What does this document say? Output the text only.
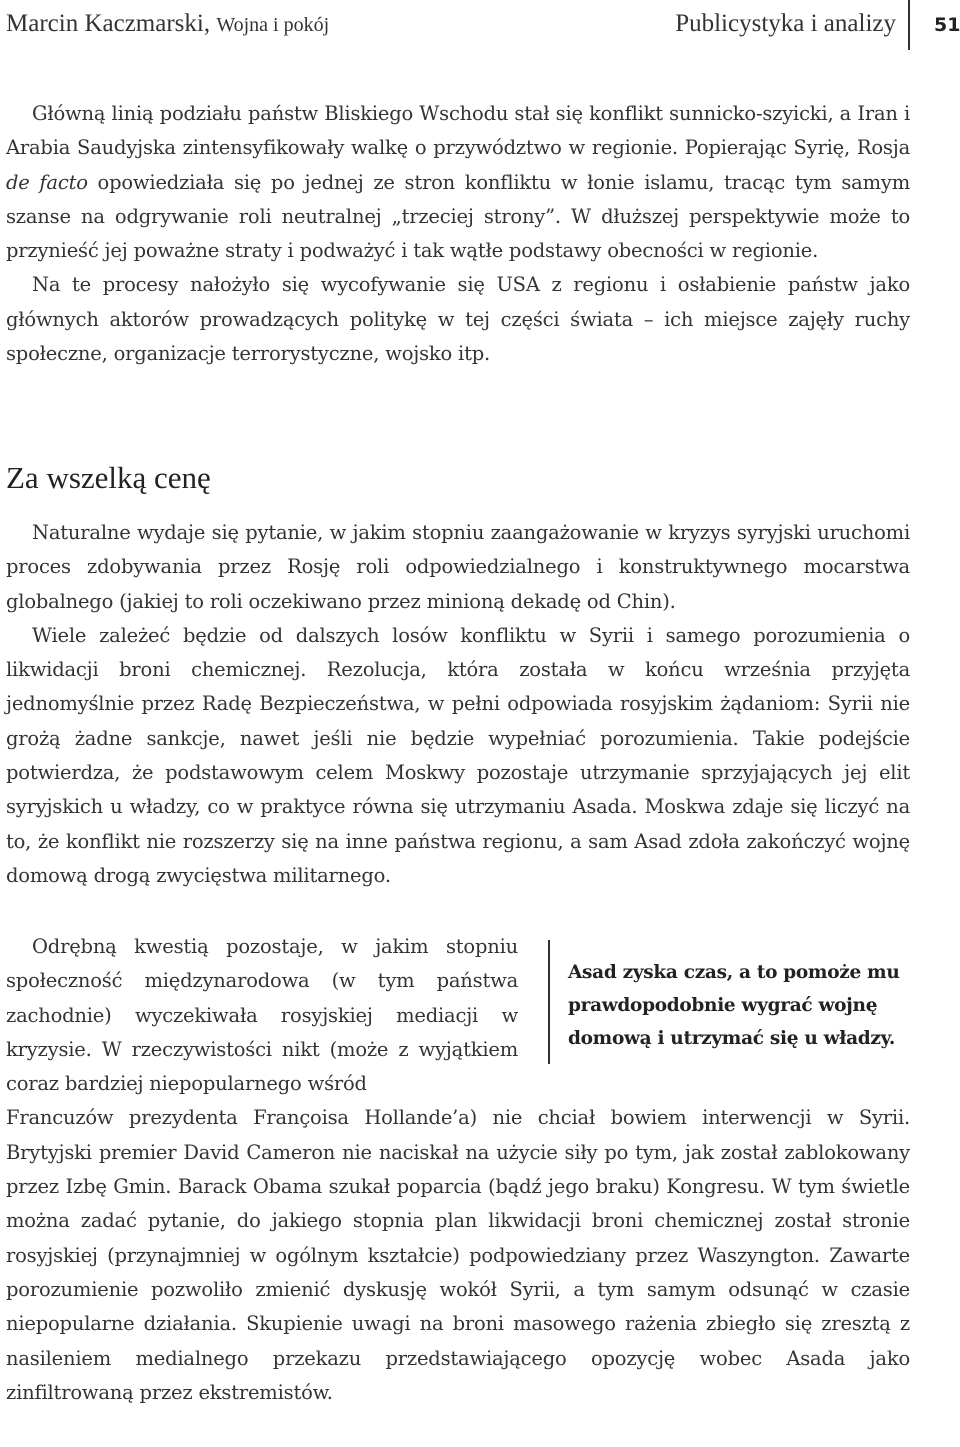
Marcin Kaczmarski, Wojna i pokój	Publicystyka i analizy 51

Główną linią podziału państw Bliskiego Wschodu stał się konflikt sunnicko-szyicki, a Iran i Arabia Saudyjska zintensyfikowały walkę o przywództwo w regionie. Popierając Syrię, Rosja de facto opowiedziała się po jednej ze stron konfliktu w łonie islamu, tracąc tym samym szanse na odgrywanie roli neutralnej „trzeciej strony”. W dłuższej perspektywie może to przynieść jej poważne straty i podważyć i tak wątłe podstawy obecności w regionie.

Na te procesy nałożyło się wycofywanie się USA z regionu i osłabienie państw jako głównych aktorów prowadzących politykę w tej części świata – ich miejsce zajęły ruchy społeczne, organizacje terrorystyczne, wojsko itp.

Za wszelką cenę

Naturalne wydaje się pytanie, w jakim stopniu zaangażowanie w kryzys syryjski uruchomi proces zdobywania przez Rosję roli odpowiedzialnego i konstruktywnego mocarstwa globalnego (jakiej to roli oczekiwano przez minioną dekadę od Chin).

Wiele zależeć będzie od dalszych losów konfliktu w Syrii i samego porozumienia o likwidacji broni chemicznej. Rezolucja, która została w końcu września przyjęta jednomyślnie przez Radę Bezpieczeństwa, w pełni odpowiada rosyjskim żądaniom: Syrii nie grożą żadne sankcje, nawet jeśli nie będzie wypełniać porozumienia. Takie podejście potwierdza, że podstawowym celem Moskwy pozostaje utrzymanie sprzyjających jej elit syryjskich u władzy, co w praktyce równa się utrzymaniu Asada. Moskwa zdaje się liczyć na to, że konflikt nie rozszerzy się na inne państwa regionu, a sam Asad zdoła zakończyć wojnę domową drogą zwycięstwa militarnego.

Odrębną kwestią pozostaje, w jakim stopniu społeczność międzynarodowa (w tym państwa zachodnie) wyczekiwała rosyjskiej mediacji w kryzysie. W rzeczywistości nikt (może z wyjątkiem coraz bardziej niepopularnego wśród
Francuzów prezydenta Françoisa Hollande’a) nie chciał bowiem interwencji w Syrii. Brytyjski premier David Cameron nie naciskał na użycie siły po tym, jak został zablokowany przez Izbę Gmin. Barack Obama szukał poparcia (bądź jego braku) Kongresu. W tym świetle można zadać pytanie, do jakiego stopnia plan likwidacji broni chemicznej został stronie rosyjskiej (przynajmniej w ogólnym kształcie) podpowiedziany przez Waszyngton. Zawarte porozumienie pozwoliło zmienić dyskusję wokół Syrii, a tym samym odsunąć w czasie niepopularne działania. Skupienie uwagi na broni masowego rażenia zbiegło się zresztą z nasileniem medialnego przekazu przedstawiającego opozycję wobec Asada jako zinfiltrowaną przez ekstremistów.
Asad zyska czas, a to pomoże mu prawdopodobnie wygrać wojnę domową i utrzymać się u władzy.
